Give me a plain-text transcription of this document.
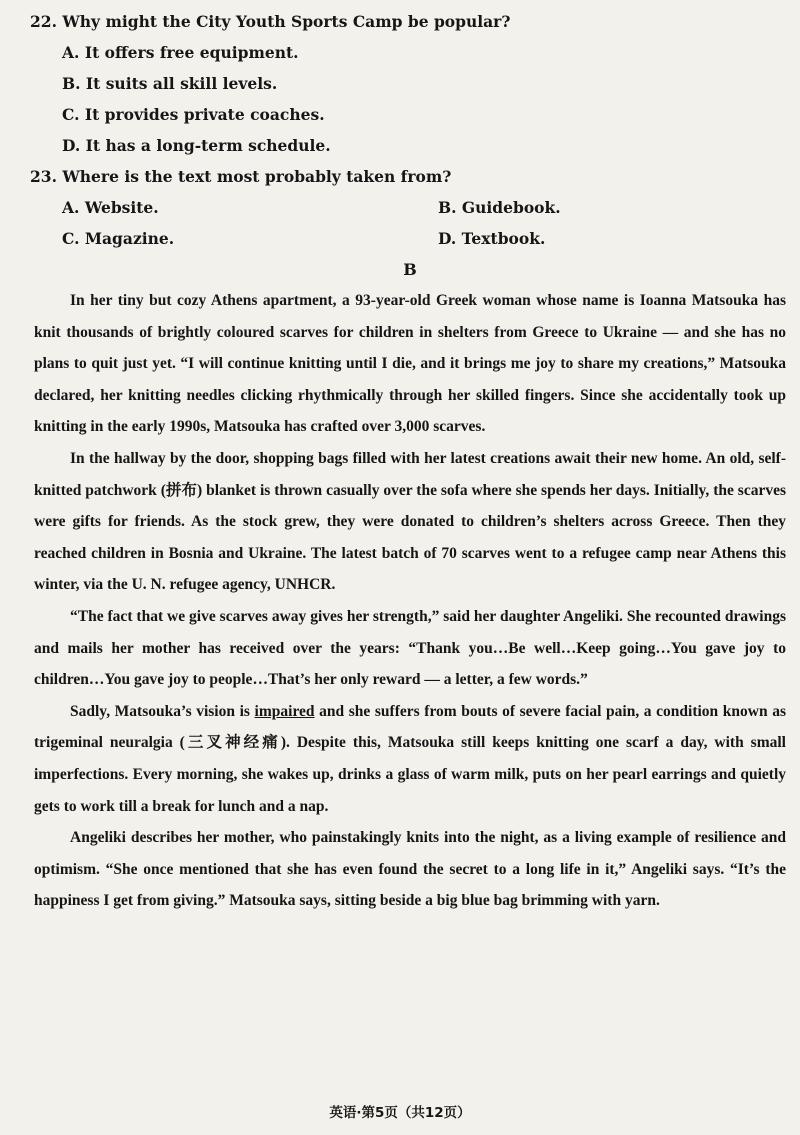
22. Why might the City Youth Sports Camp be popular?
A. It offers free equipment.
B. It suits all skill levels.
C. It provides private coaches.
D. It has a long-term schedule.
23. Where is the text most probably taken from?
A. Website.	B. Guidebook.
C. Magazine.	D. Textbook.
B

In her tiny but cozy Athens apartment, a 93-year-old Greek woman whose name is Ioanna Matsouka has knit thousands of brightly coloured scarves for children in shelters from Greece to Ukraine — and she has no plans to quit just yet. “I will continue knitting until I die, and it brings me joy to share my creations,” Matsouka declared, her knitting needles clicking rhythmically through her skilled fingers. Since she accidentally took up knitting in the early 1990s, Matsouka has crafted over 3,000 scarves.

In the hallway by the door, shopping bags filled with her latest creations await their new home. An old, self-knitted patchwork (拼布) blanket is thrown casually over the sofa where she spends her days. Initially, the scarves were gifts for friends. As the stock grew, they were donated to children’s shelters across Greece. Then they reached children in Bosnia and Ukraine. The latest batch of 70 scarves went to a refugee camp near Athens this winter, via the U. N. refugee agency, UNHCR.

“The fact that we give scarves away gives her strength,” said her daughter Angeliki. She recounted drawings and mails her mother has received over the years: “Thank you…Be well…Keep going…You gave joy to children…You gave joy to people…That’s her only reward — a letter, a few words.”

Sadly, Matsouka’s vision is impaired and she suffers from bouts of severe facial pain, a condition known as trigeminal neuralgia (三叉神经痛). Despite this, Matsouka still keeps knitting one scarf a day, with small imperfections. Every morning, she wakes up, drinks a glass of warm milk, puts on her pearl earrings and quietly gets to work till a break for lunch and a nap.

Angeliki describes her mother, who painstakingly knits into the night, as a living example of resilience and optimism. “She once mentioned that she has even found the secret to a long life in it,” Angeliki says. “It’s the happiness I get from giving.” Matsouka says, sitting beside a big blue bag brimming with yarn.

英语·第5页（共12页）
